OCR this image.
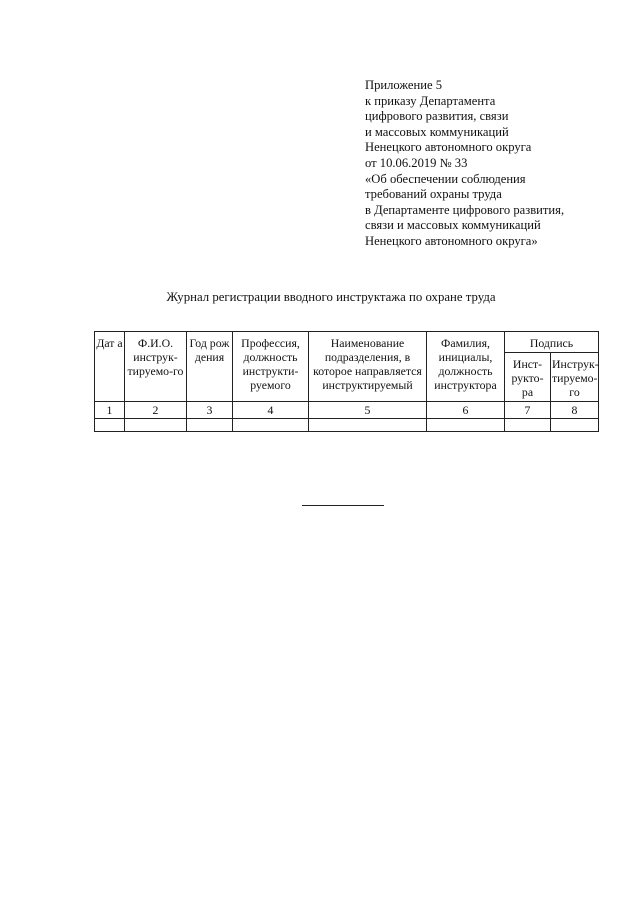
Приложение 5
к приказу Департамента
цифрового развития, связи
и массовых коммуникаций
Ненецкого автономного округа
от 10.06.2019 № 33
«Об обеспечении соблюдения
требований охраны труда
в Департаменте цифрового развития,
связи и массовых коммуникаций
Ненецкого автономного округа»
Журнал регистрации вводного инструктажа по охране труда
Дат а	Ф.И.О. инструк-тируемо-го	Год рож дения	Профессия, должность инструкти-руемого	Наименование подразделения, в которое направляется инструктируемый	Фамилия, инициалы, должность инструктора	Подпись	
						Инст-рукто-ра	Инструк-тируемо-го
1	2	3	4	5	6	7	8
